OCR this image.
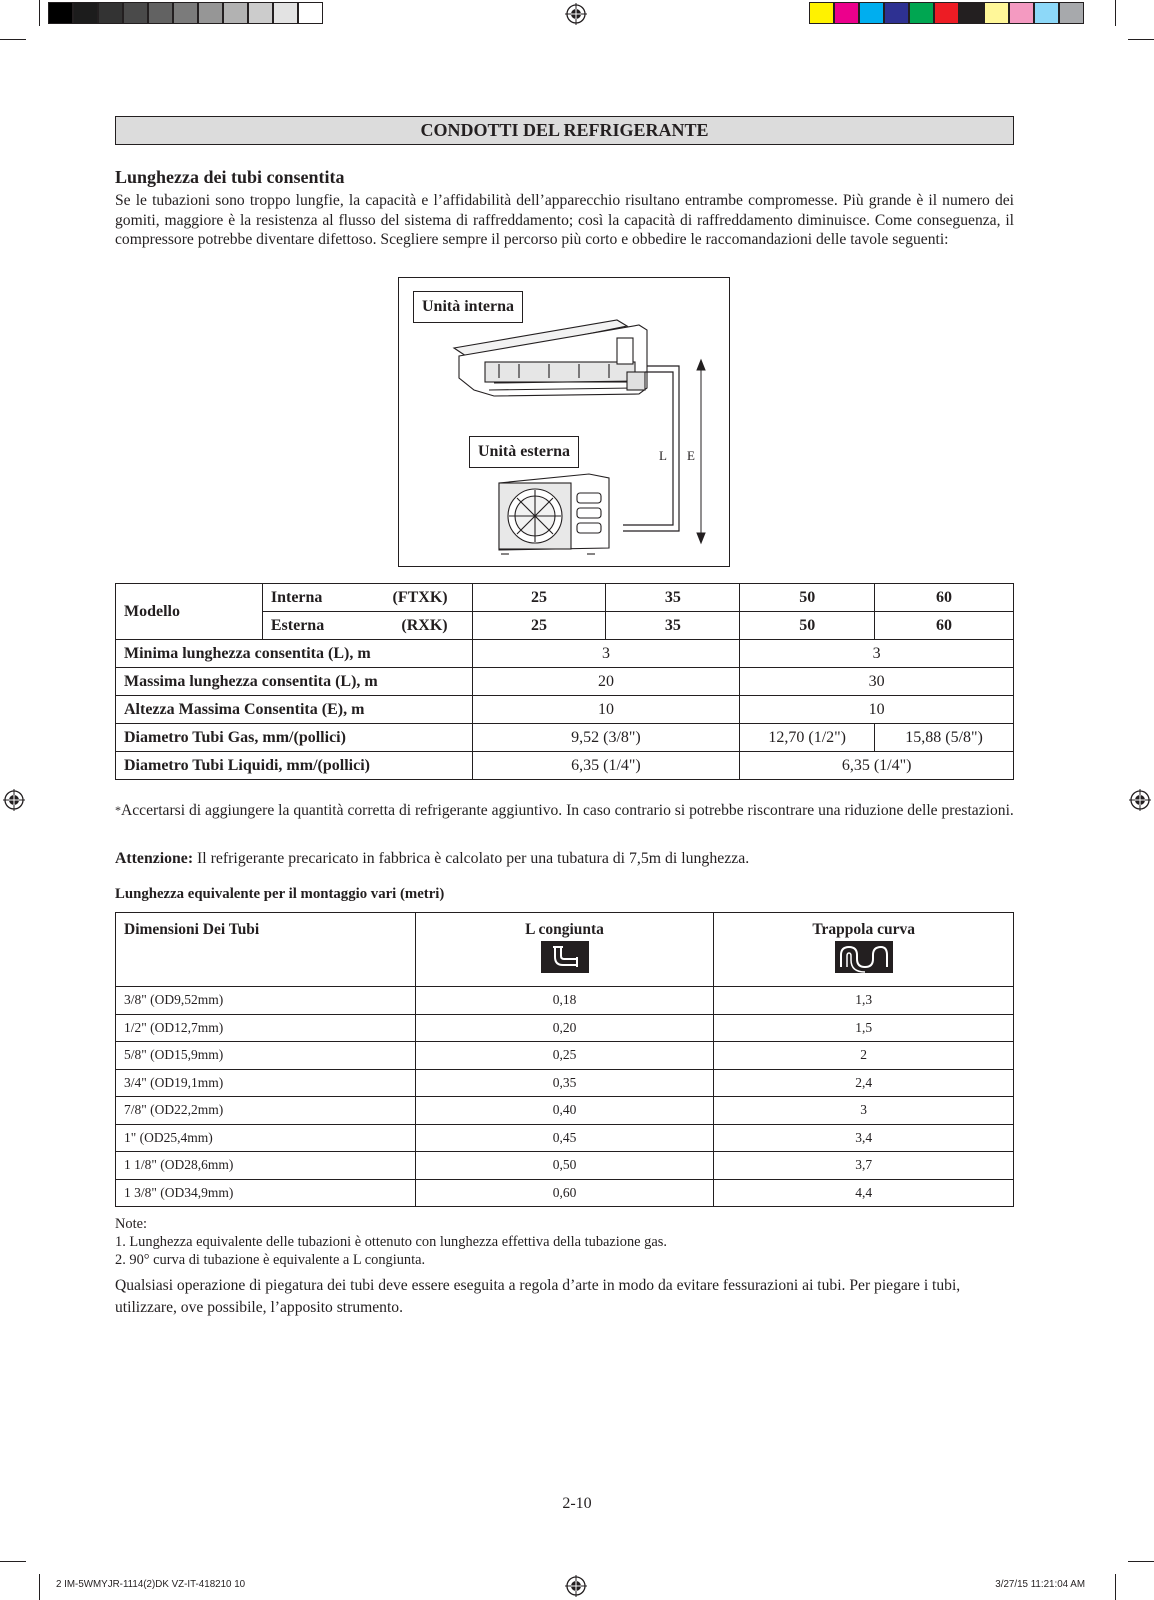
CONDOTTI DEL REFRIGERANTE
Lunghezza dei tubi consentita
Se le tubazioni sono troppo lungfie, la capacità e l’affidabilità dell’apparecchio risultano entrambe compromesse. Più grande è il numero dei gomiti, maggiore è la resistenza al flusso del sistema di raffreddamento; così la capacità di raffreddamento diminuisce. Come conseguenza, il compressore potrebbe diventare difettoso. Scegliere sempre il percorso più corto e obbedire le raccomandazioni delle tavole seguenti:
Unità interna
Unità esterna	L E
Modello	Interna (FTXK)	25	35	50	60
	Esterna (RXK)	25	35	50	60
Minima lunghezza consentita (L), m		3		3	
Massima lunghezza consentita (L), m		20		30	
Altezza Massima Consentita (E), m		10		10	
Diametro Tubi Gas, mm/(pollici)		9,52 (3/8")		12,70 (1/2")	15,88 (5/8")
Diametro Tubi Liquidi, mm/(pollici)		6,35 (1/4")		6,35 (1/4")	
*Accertarsi di aggiungere la quantità corretta di refrigerante aggiuntivo. In caso contrario si potrebbe riscontrare una riduzione delle prestazioni.
Attenzione: Il refrigerante precaricato in fabbrica è calcolato per una tubatura di 7,5m di lunghezza.
Lunghezza equivalente per il montaggio vari (metri)
Dimensioni Dei Tubi	L congiunta	Trappola curva

3/8" (OD9,52mm)	0,18	1,3
1/2" (OD12,7mm)	0,20	1,5
5/8" (OD15,9mm)	0,25	2
3/4" (OD19,1mm)	0,35	2,4
7/8" (OD22,2mm)	0,40	3
1" (OD25,4mm)	0,45	3,4
1 1/8" (OD28,6mm)	0,50	3,7
1 3/8" (OD34,9mm)	0,60	4,4
Note:
1. Lunghezza equivalente delle tubazioni è ottenuto con lunghezza effettiva della tubazione gas.
2. 90° curva di tubazione è equivalente a L congiunta.
Qualsiasi operazione di piegatura dei tubi deve essere eseguita a regola d’arte in modo da evitare fessurazioni ai tubi. Per piegare i tubi, utilizzare, ove possibile, l’apposito strumento.
2-10
2 IM-5WMYJR-1114(2)DK VZ-IT-418210 10	3/27/15 11:21:04 AM
